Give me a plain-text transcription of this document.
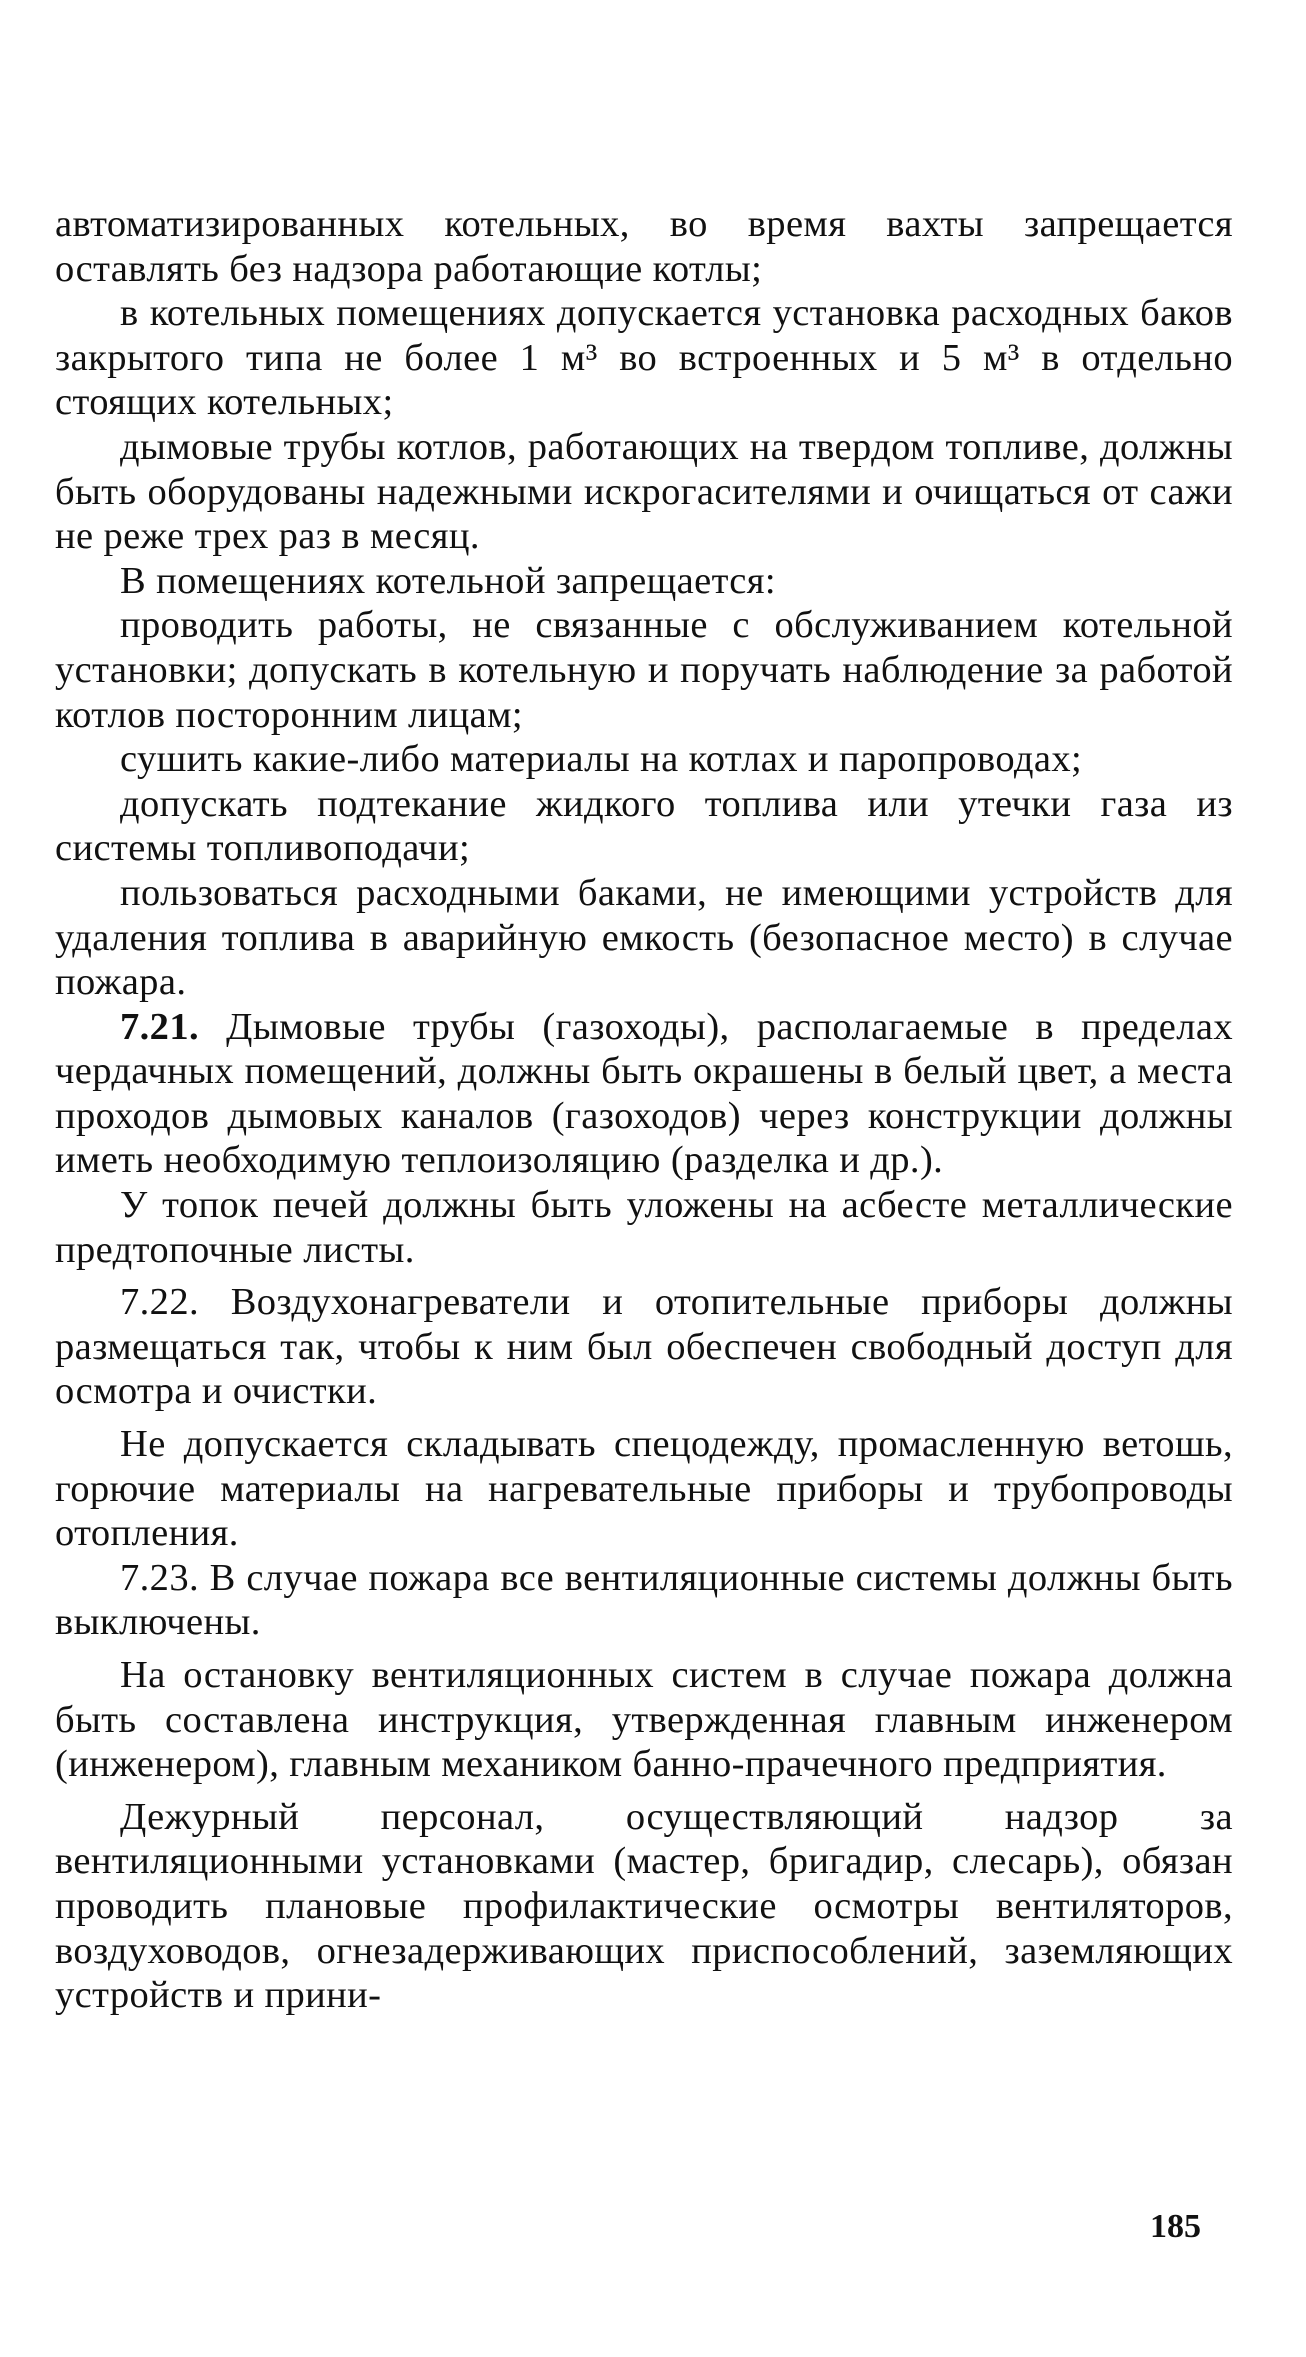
автоматизированных котельных, во время вахты запрещается оставлять без надзора работающие котлы;

в котельных помещениях допускается установка расходных баков закрытого типа не более 1 м³ во встроенных и 5 м³ в отдельно стоящих котельных;

дымовые трубы котлов, работающих на твердом топливе, должны быть оборудованы надежными искрогасителями и очищаться от сажи не реже трех раз в месяц.

В помещениях котельной запрещается:

проводить работы, не связанные с обслуживанием котельной установки; допускать в котельную и поручать наблюдение за работой котлов посторонним лицам;

сушить какие-либо материалы на котлах и паропроводах;

допускать подтекание жидкого топлива или утечки газа из системы топливоподачи;

пользоваться расходными баками, не имеющими устройств для удаления топлива в аварийную емкость (безопасное место) в случае пожара.

7.21. Дымовые трубы (газоходы), располагаемые в пределах чердачных помещений, должны быть окрашены в белый цвет, а места проходов дымовых каналов (газоходов) через конструкции должны иметь необходимую теплоизоляцию (разделка и др.).

У топок печей должны быть уложены на асбесте металлические предтопочные листы.

7.22. Воздухонагреватели и отопительные приборы должны размещаться так, чтобы к ним был обеспечен свободный доступ для осмотра и очистки.

Не допускается складывать спецодежду, промасленную ветошь, горючие материалы на нагревательные приборы и трубопроводы отопления.

7.23. В случае пожара все вентиляционные системы должны быть выключены.

На остановку вентиляционных систем в случае пожара должна быть составлена инструкция, утвержденная главным инженером (инженером), главным механиком банно-прачечного предприятия.

Дежурный персонал, осуществляющий надзор за вентиляционными установками (мастер, бригадир, слесарь), обязан проводить плановые профилактические осмотры вентиляторов, воздуховодов, огнезадерживающих приспособлений, заземляющих устройств и прини-

185
